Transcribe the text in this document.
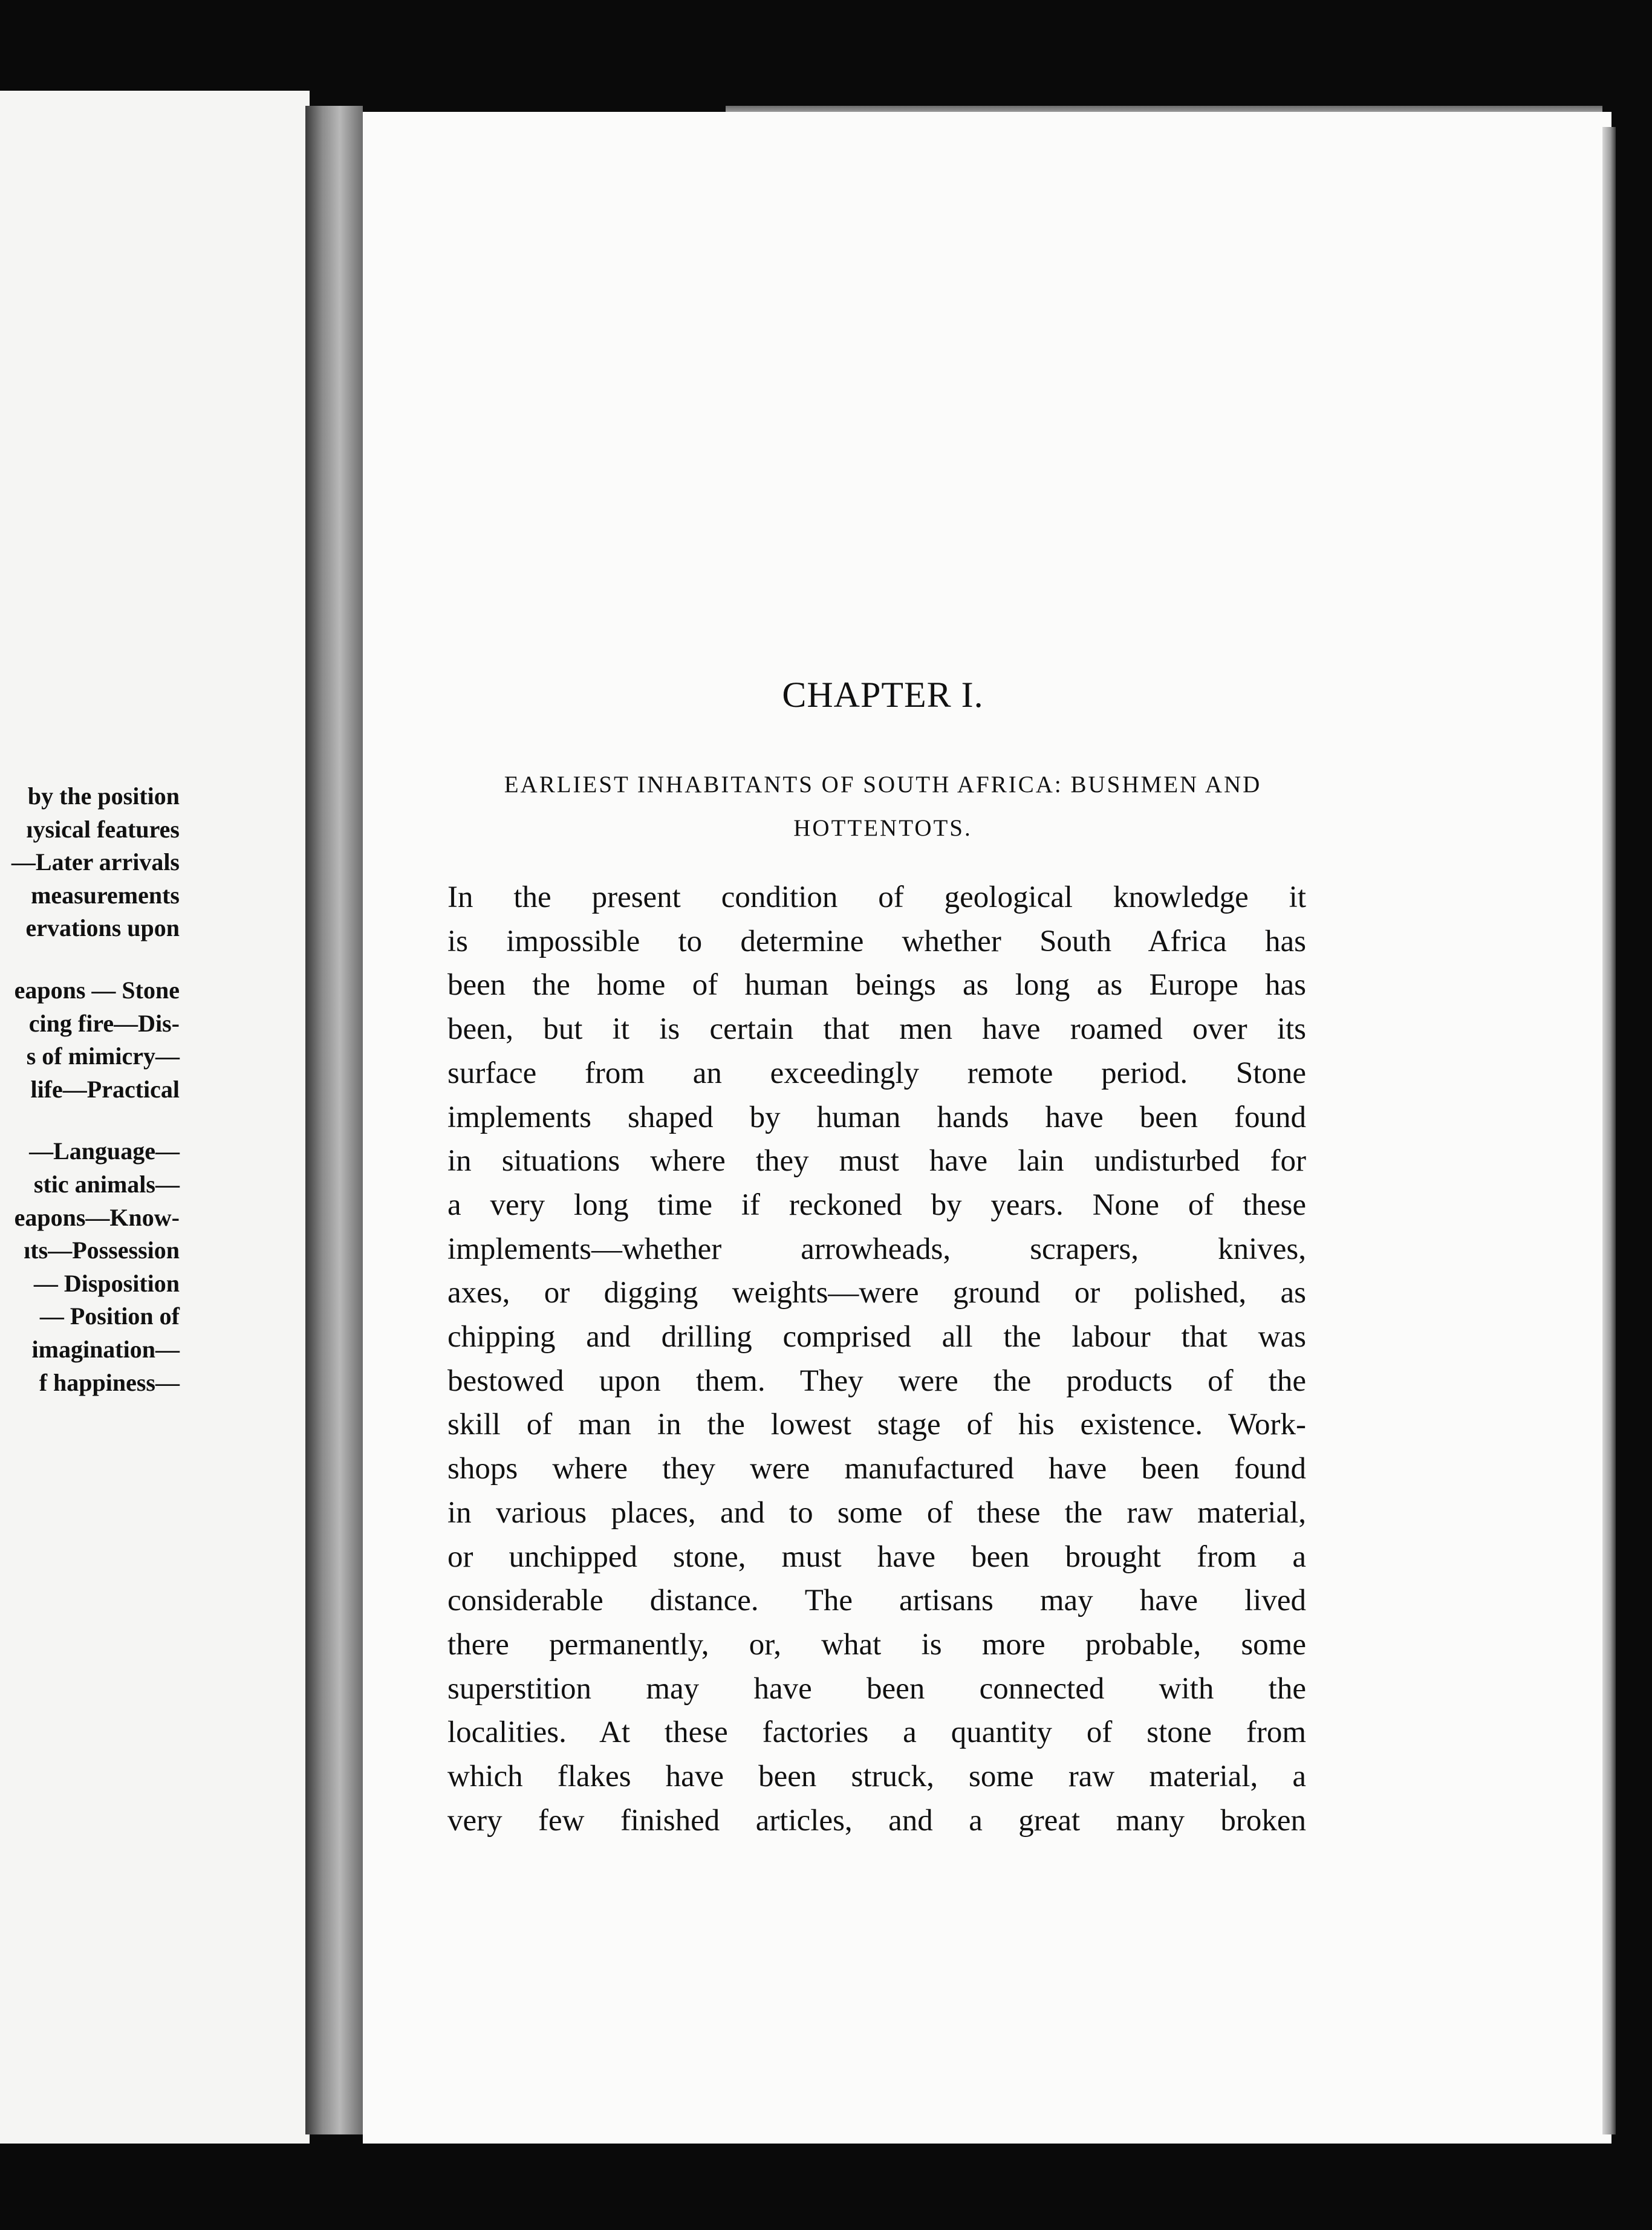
by the position
ıysical features
—Later arrivals
measurements
ervations upon
eapons — Stone
cing fire—Dis-
s of mimicry—
life—Practical
—Language—
stic animals—
eapons—Know-
ıts—Possession
— Disposition
— Position of
imagination—
f happiness—
CHAPTER I.
EARLIEST INHABITANTS OF SOUTH AFRICA: BUSHMEN AND
HOTTENTOTS.
In the present condition of geological knowledge it
is impossible to determine whether South Africa has
been the home of human beings as long as Europe has
been, but it is certain that men have roamed over its
surface from an exceedingly remote period. Stone
implements shaped by human hands have been found
in situations where they must have lain undisturbed for
a very long time if reckoned by years. None of these
implements—whether arrowheads, scrapers, knives,
axes, or digging weights—were ground or polished, as
chipping and drilling comprised all the labour that was
bestowed upon them. They were the products of the
skill of man in the lowest stage of his existence. Work-
shops where they were manufactured have been found
in various places, and to some of these the raw material,
or unchipped stone, must have been brought from a
considerable distance. The artisans may have lived
there permanently, or, what is more probable, some
superstition may have been connected with the
localities. At these factories a quantity of stone from
which flakes have been struck, some raw material, a
very few finished articles, and a great many broken
